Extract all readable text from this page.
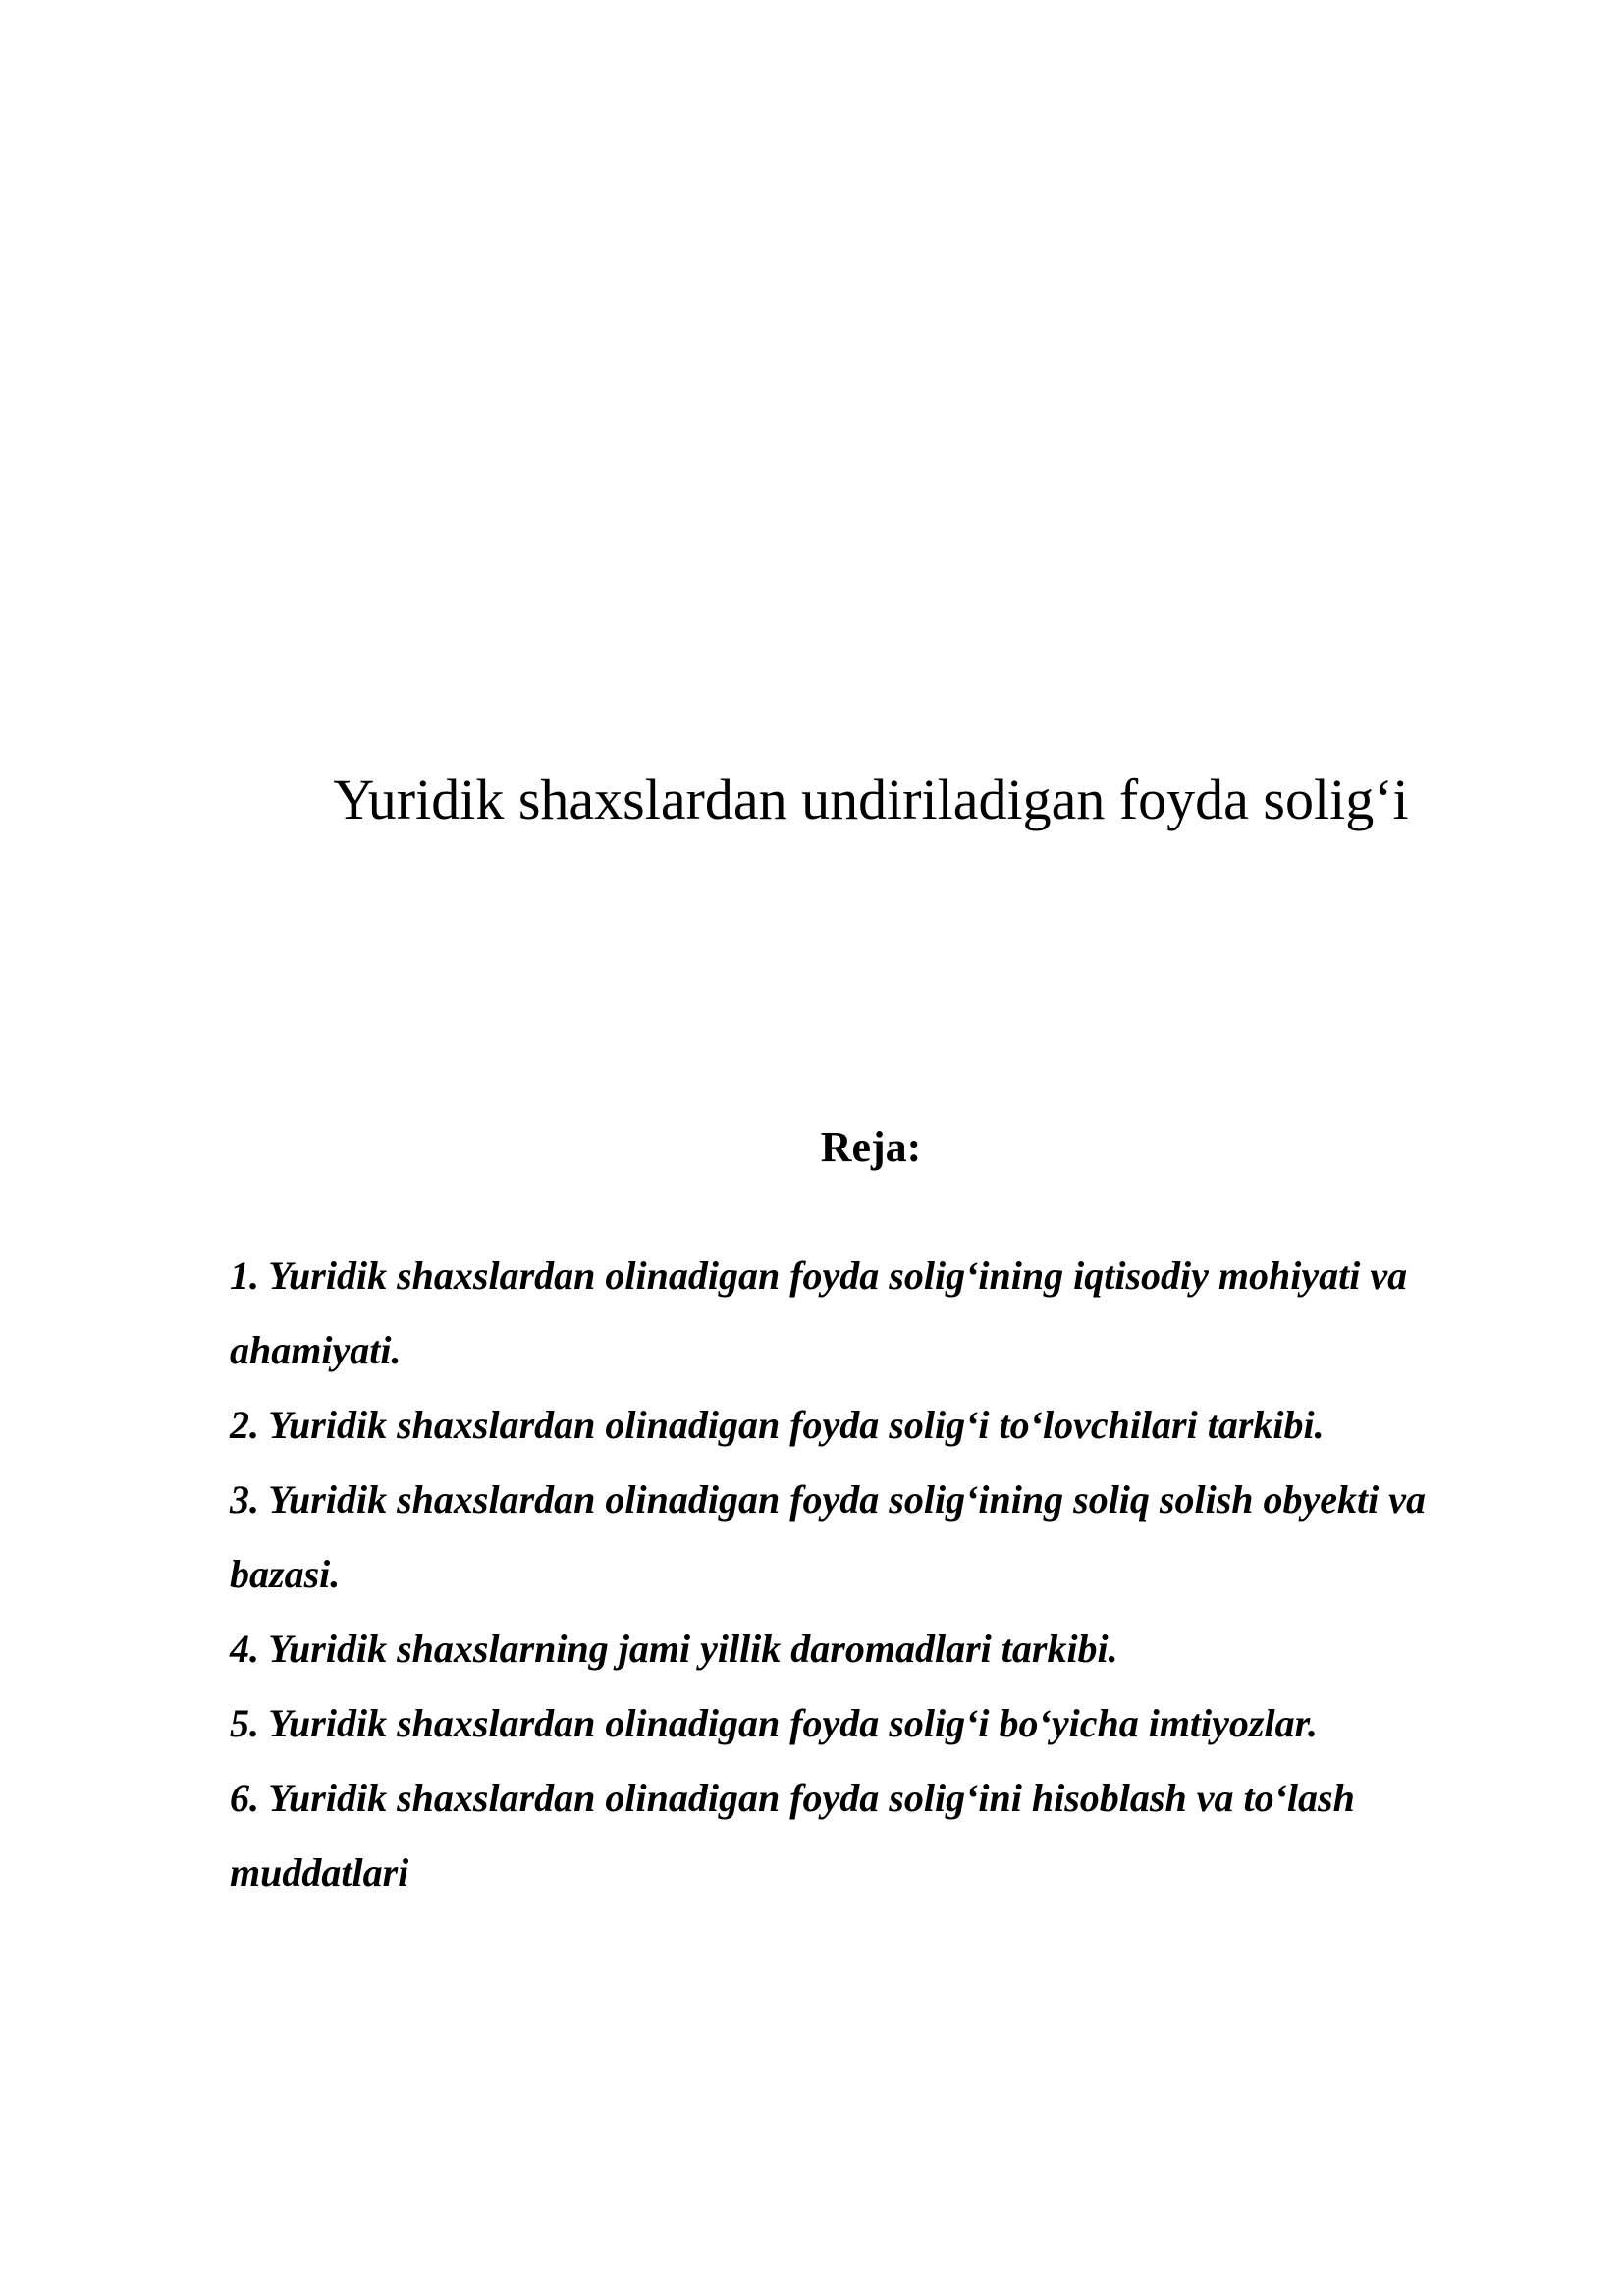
Yuridik shaxslardan undiriladigan foyda solig‘i
Reja:
1. Yuridik shaxslardan olinadigan foyda solig‘ining iqtisodiy mohiyati va ahamiyati.
2. Yuridik shaxslardan olinadigan foyda solig‘i to‘lovchilari tarkibi.
3. Yuridik shaxslardan olinadigan foyda solig‘ining soliq solish obyekti va bazasi.
4. Yuridik shaxslarning jami yillik daromadlari tarkibi.
5. Yuridik shaxslardan olinadigan foyda solig‘i bo‘yicha imtiyozlar.
6. Yuridik shaxslardan olinadigan foyda solig‘ini hisoblash va to‘lash muddatlari
